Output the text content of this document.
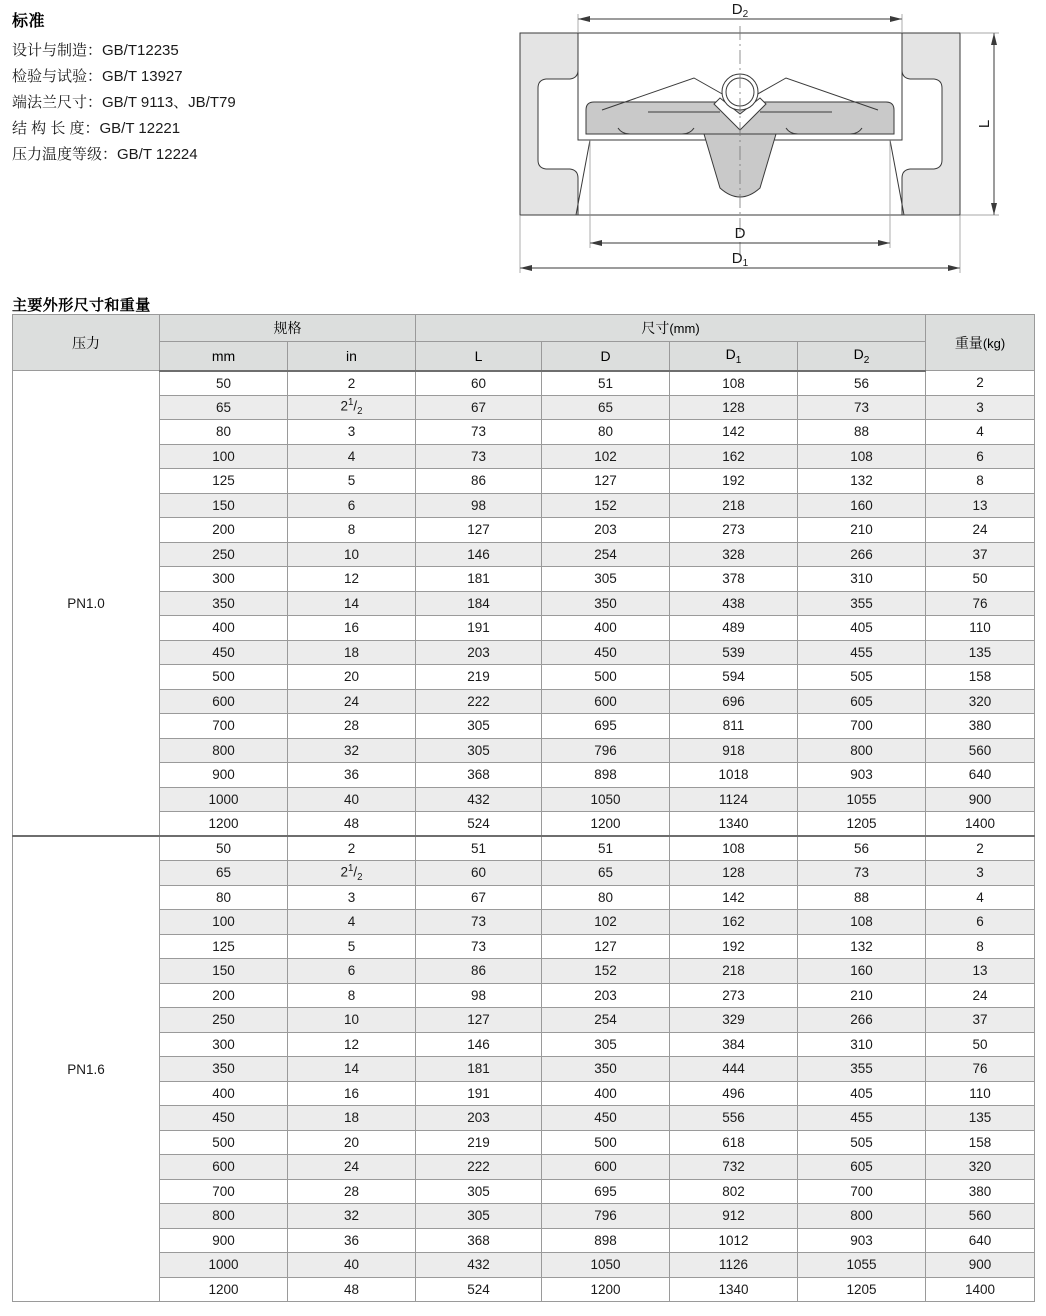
标准
设计与制造：GB/T12235
检验与试验：GB/T 13927
端法兰尺寸：GB/T 9113、JB/T79
结 构 长 度：GB/T 12221
压力温度等级：GB/T 12224
$D_2$
D
$D_1$
L
主要外形尺寸和重量
压力	规格		尺寸(mm)				重量(kg)
	mm	in	L	D	$D_1$	$D_2$
PN1.0	50	2	60	51	108	56	2
	65	$2^1/_2$	67	65	128	73	3
	80	3	73	80	142	88	4
	100	4	73	102	162	108	6
	125	5	86	127	192	132	8
	150	6	98	152	218	160	13
	200	8	127	203	273	210	24
	250	10	146	254	328	266	37
	300	12	181	305	378	310	50
	350	14	184	350	438	355	76
	400	16	191	400	489	405	110
	450	18	203	450	539	455	135
	500	20	219	500	594	505	158
	600	24	222	600	696	605	320
	700	28	305	695	811	700	380
	800	32	305	796	918	800	560
	900	36	368	898	1018	903	640
	1000	40	432	1050	1124	1055	900
	1200	48	524	1200	1340	1205	1400
PN1.6	50	2	51	51	108	56	2
	65	$2^1/_2$	60	65	128	73	3
	80	3	67	80	142	88	4
	100	4	73	102	162	108	6
	125	5	73	127	192	132	8
	150	6	86	152	218	160	13
	200	8	98	203	273	210	24
	250	10	127	254	329	266	37
	300	12	146	305	384	310	50
	350	14	181	350	444	355	76
	400	16	191	400	496	405	110
	450	18	203	450	556	455	135
	500	20	219	500	618	505	158
	600	24	222	600	732	605	320
	700	28	305	695	802	700	380
	800	32	305	796	912	800	560
	900	36	368	898	1012	903	640
	1000	40	432	1050	1126	1055	900
	1200	48	524	1200	1340	1205	1400
